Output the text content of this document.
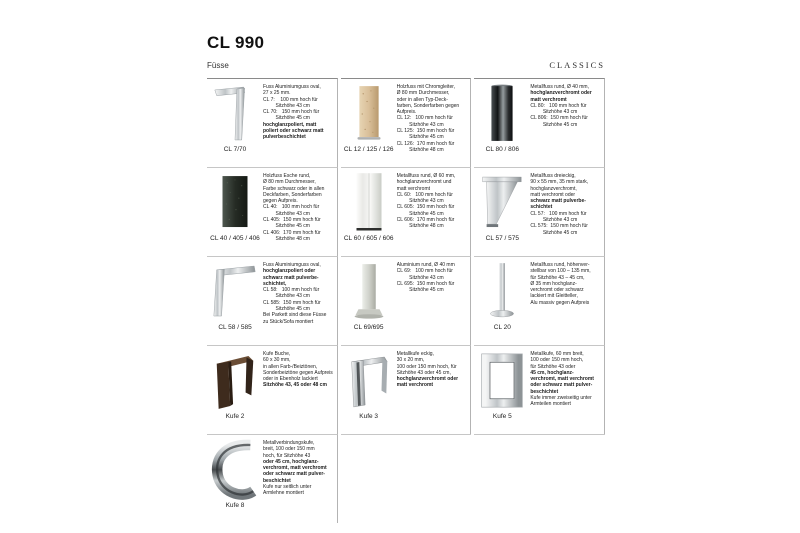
CL 990
Füsse	CLASSICS
CL 7/70
Fuss Aluminiumguss oval,
27 x 25 mm.
CL 7:    100 mm hoch für
Sitzhöhe 43 cm
CL 70:   150 mm hoch für
Sitzhöhe 45 cm
hochglanzpoliert, matt
poliert oder schwarz matt
pulverbeschichtet
CL 12 / 125 / 126
Holzfuss mit Chromgleiter,
Ø 80 mm Durchmesser,
oder in allen Typ-Deck-
farben, Sonderfarben gegen
Aufpreis.
CL 12:   100 mm hoch für
Sitzhöhe 43 cm
CL 125:  150 mm hoch für
Sitzhöhe 45 cm
CL 126:  170 mm hoch für
Sitzhöhe 48 cm	CL 80 / 806
Metallfuss rund, Ø 40 mm,
hochglanzverchromt oder
matt verchromt
CL 80:   100 mm hoch für
Sitzhöhe 43 cm
CL 806:  150 mm hoch für
Sitzhöhe 45 cm
CL 40 / 405 / 406
Holzfuss Esche rund,
Ø 80 mm Durchmesser,
Farbe schwarz oder in allen
Deckfarben, Sonderfarben
gegen Aufpreis.
CL 40:   100 mm hoch für
Sitzhöhe 43 cm
CL 405:  150 mm hoch für
Sitzhöhe 45 cm
CL 406:  170 mm hoch für
Sitzhöhe 48 cm	CL 60 / 605 / 606
Metallfuss rund, Ø 60 mm,
hochglanzverchromt und
matt verchromt
CL 60:   100 mm hoch für
Sitzhöhe 43 cm
CL 605:  150 mm hoch für
Sitzhöhe 45 cm
CL 606:  170 mm hoch für
Sitzhöhe 48 cm
CL 57 / 575
Metallfuss dreieckig,
90 x 55 mm, 35 mm stark,
hochglanzverchromt,
matt verchromt oder
schwarz matt pulverbe-
schichtet
CL 57:   100 mm hoch für
Sitzhöhe 43 cm
CL 575:  150 mm hoch für
Sitzhöhe 45 cm
CL 58 / 585
Fuss Aluminiumguss oval,
hochglanzpoliert oder
schwarz matt pulverbe-
schichtet,
CL 58:   100 mm hoch für
Sitzhöhe 43 cm
CL 585:  150 mm hoch für
Sitzhöhe 45 cm
Bei Parkett sind diese Füsse
zu Stück/Sofa montiert
CL 69/695
Aluminium rund, Ø 40 mm
CL 69:   100 mm hoch für
Sitzhöhe 43 cm
CL 695:  150 mm hoch für
Sitzhöhe 45 cm
CL 20
Metallfuss rund, höhenver-
stellbar von 100 – 135 mm,
für Sitzhöhe 43 – 45 cm,
Ø 35 mm hochglanz-
verchromt oder schwarz
lackiert mit Gleitteller,
Alu massiv gegen Aufpreis
Kufe 2
Kufe Buche,
60 x 30 mm,
in allen Farb-/Beiztönen,
Sonderbeiztöne gegen Aufpreis
oder in Ebenholz lackiert
Sitzhöhe 43, 45 oder 48 cm
Kufe 3
Metallkufe eckig,
30 x 20 mm,
100 oder 150 mm hoch, für
Sitzhöhe 43 oder 45 cm,
hochglanzverchromt oder
matt verchromt
Kufe 5
Metallkufe, 60 mm breit,
100 oder 150 mm hoch,
für Sitzhöhe 43 oder
45 cm, hochglanz-
verchromt, matt verchromt
oder schwarz matt pulver-
beschichtet
Kufe immer zweiseitig unter
Armteilen montiert
Kufe 8
Metallverbindungskufe,
breit, 100 oder 150 mm
hoch, für Sitzhöhe 43
oder 45 cm, hochglanz-
verchromt, matt verchromt
oder schwarz matt pulver-
beschichtet
Kufe nur seitlich unter
Armlehne montiert
